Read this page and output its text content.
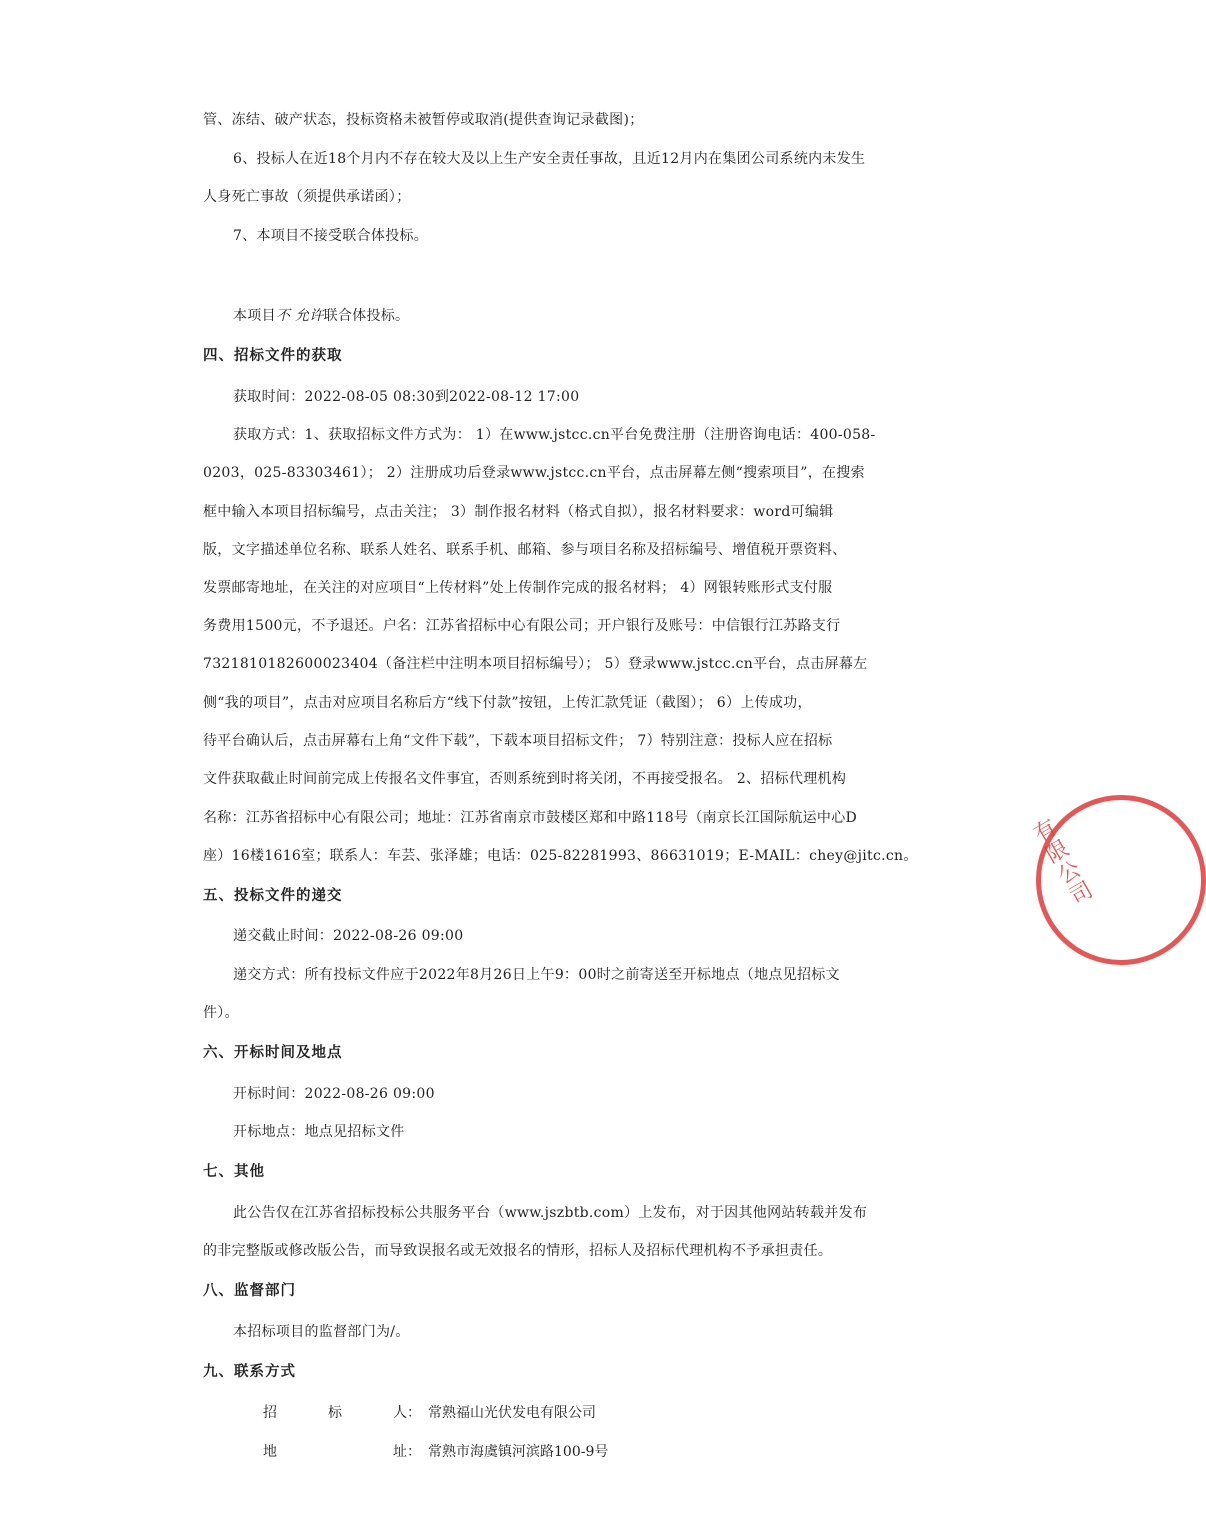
管、冻结、破产状态，投标资格未被暂停或取消(提供查询记录截图)；
6、投标人在近18个月内不存在较大及以上生产安全责任事故，且近12月内在集团公司系统内未发生
人身死亡事故（须提供承诺函）；
7、本项目不接受联合体投标。
本项目不 允许联合体投标。
四、招标文件的获取
获取时间：2022-08-05 08:30到2022-08-12 17:00
获取方式：1、获取招标文件方式为： 1）在www.jstcc.cn平台免费注册（注册咨询电话：400-058-
0203，025-83303461）； 2）注册成功后登录www.jstcc.cn平台，点击屏幕左侧“搜索项目”，在搜索
框中输入本项目招标编号，点击关注； 3）制作报名材料（格式自拟），报名材料要求：word可编辑
版，文字描述单位名称、联系人姓名、联系手机、邮箱、参与项目名称及招标编号、增值税开票资料、
发票邮寄地址，在关注的对应项目“上传材料”处上传制作完成的报名材料； 4）网银转账形式支付服
务费用1500元，不予退还。户名：江苏省招标中心有限公司；开户银行及账号：中信银行江苏路支行
7321810182600023404（备注栏中注明本项目招标编号）； 5）登录www.jstcc.cn平台，点击屏幕左
侧“我的项目”，点击对应项目名称后方“线下付款”按钮，上传汇款凭证（截图）； 6）上传成功，
待平台确认后，点击屏幕右上角“文件下载”，下载本项目招标文件； 7）特别注意：投标人应在招标
文件获取截止时间前完成上传报名文件事宜，否则系统到时将关闭，不再接受报名。 2、招标代理机构
名称：江苏省招标中心有限公司；地址：江苏省南京市鼓楼区郑和中路118号（南京长江国际航运中心D
座）16楼1616室；联系人：车芸、张泽雄；电话：025-82281993、86631019；E-MAIL：chey@jitc.cn。
五、投标文件的递交
递交截止时间：2022-08-26 09:00
递交方式：所有投标文件应于2022年8月26日上午9：00时之前寄送至开标地点（地点见招标文
件）。
六、开标时间及地点
开标时间：2022-08-26 09:00
开标地点：地点见招标文件
七、其他
此公告仅在江苏省招标投标公共服务平台（www.jszbtb.com）上发布，对于因其他网站转载并发布
的非完整版或修改版公告，而导致误报名或无效报名的情形，招标人及招标代理机构不予承担责任。
八、监督部门
本招标项目的监督部门为/。
九、联系方式
招	标	人： 常熟福山光伏发电有限公司
地	址： 常熟市海虞镇河滨路100-9号
有限公司
